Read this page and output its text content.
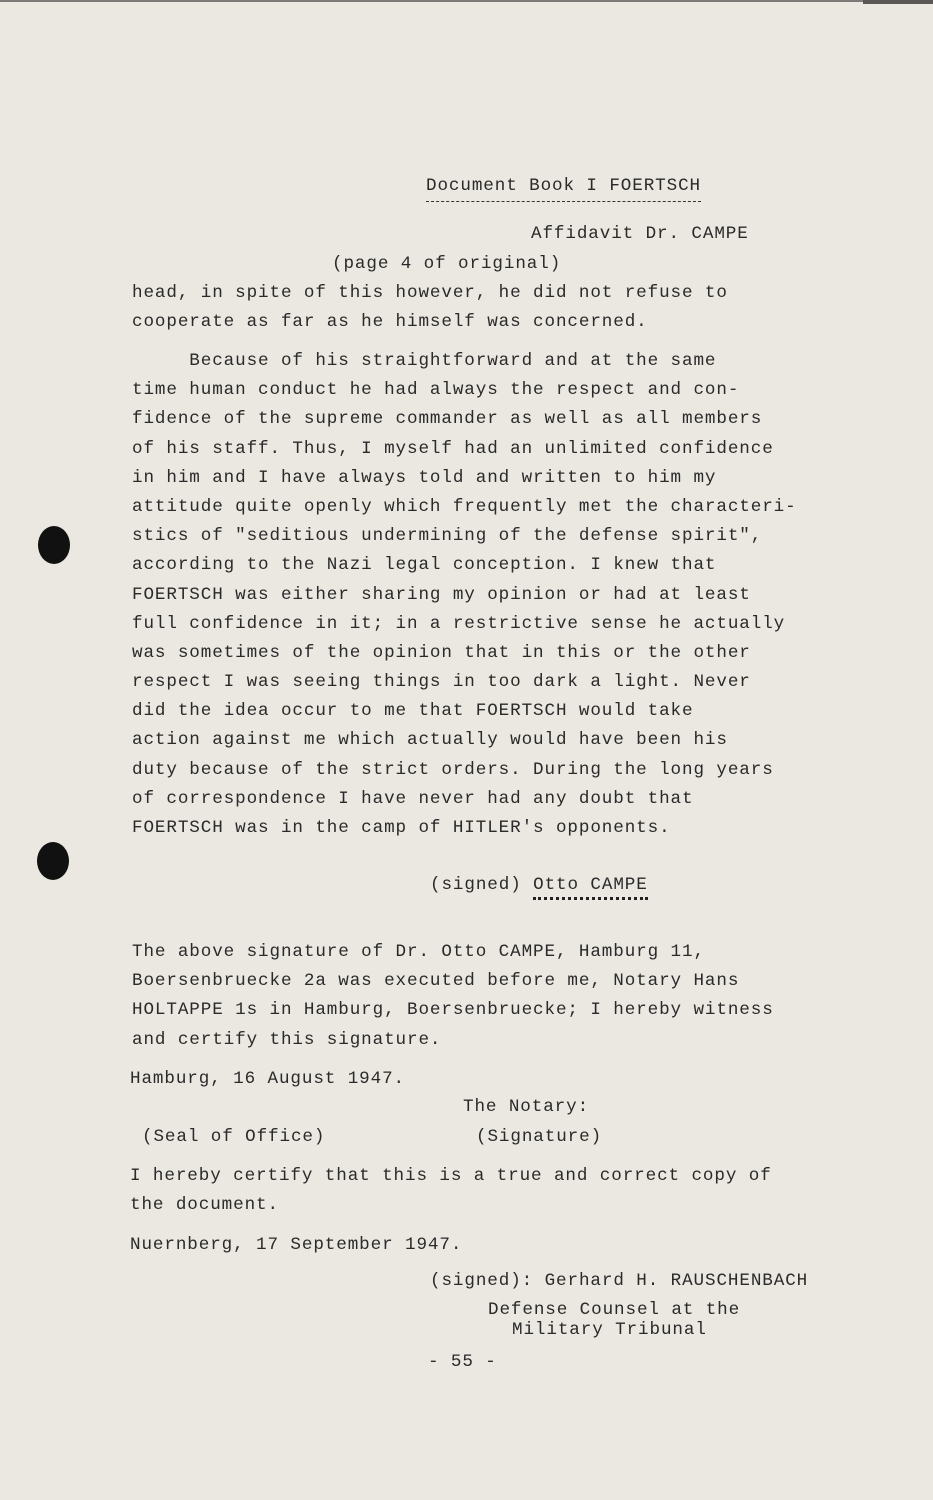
Document Book I FOERTSCH
Affidavit Dr. CAMPE
(page 4 of original)
head, in spite of this however, he did not refuse to
cooperate as far as he himself was concerned.
Because of his straightforward and at the same
time human conduct he had always the respect and con-
fidence of the supreme commander as well as all members
of his staff. Thus, I myself had an unlimited confidence
in him and I have always told and written to him my
attitude quite openly which frequently met the characteri-
stics of "seditious undermining of the defense spirit",
according to the Nazi legal conception. I knew that
FOERTSCH was either sharing my opinion or had at least
full confidence in it; in a restrictive sense he actually
was sometimes of the opinion that in this or the other
respect I was seeing things in too dark a light. Never
did the idea occur to me that FOERTSCH would take
action against me which actually would have been his
duty because of the strict orders. During the long years
of correspondence I have never had any doubt that
FOERTSCH was in the camp of HITLER's opponents.
(signed) Otto CAMPE
The above signature of Dr. Otto CAMPE, Hamburg 11,
Boersenbruecke 2a was executed before me, Notary Hans
HOLTAPPE 1s in Hamburg, Boersenbruecke; I hereby witness
and certify this signature.
Hamburg, 16 August 1947.
The Notary:
(Seal of Office)	(Signature)
I hereby certify that this is a true and correct copy of
the document.
Nuernberg, 17 September 1947.
(signed): Gerhard H. RAUSCHENBACH
Defense Counsel at the
Military Tribunal
- 55 -
